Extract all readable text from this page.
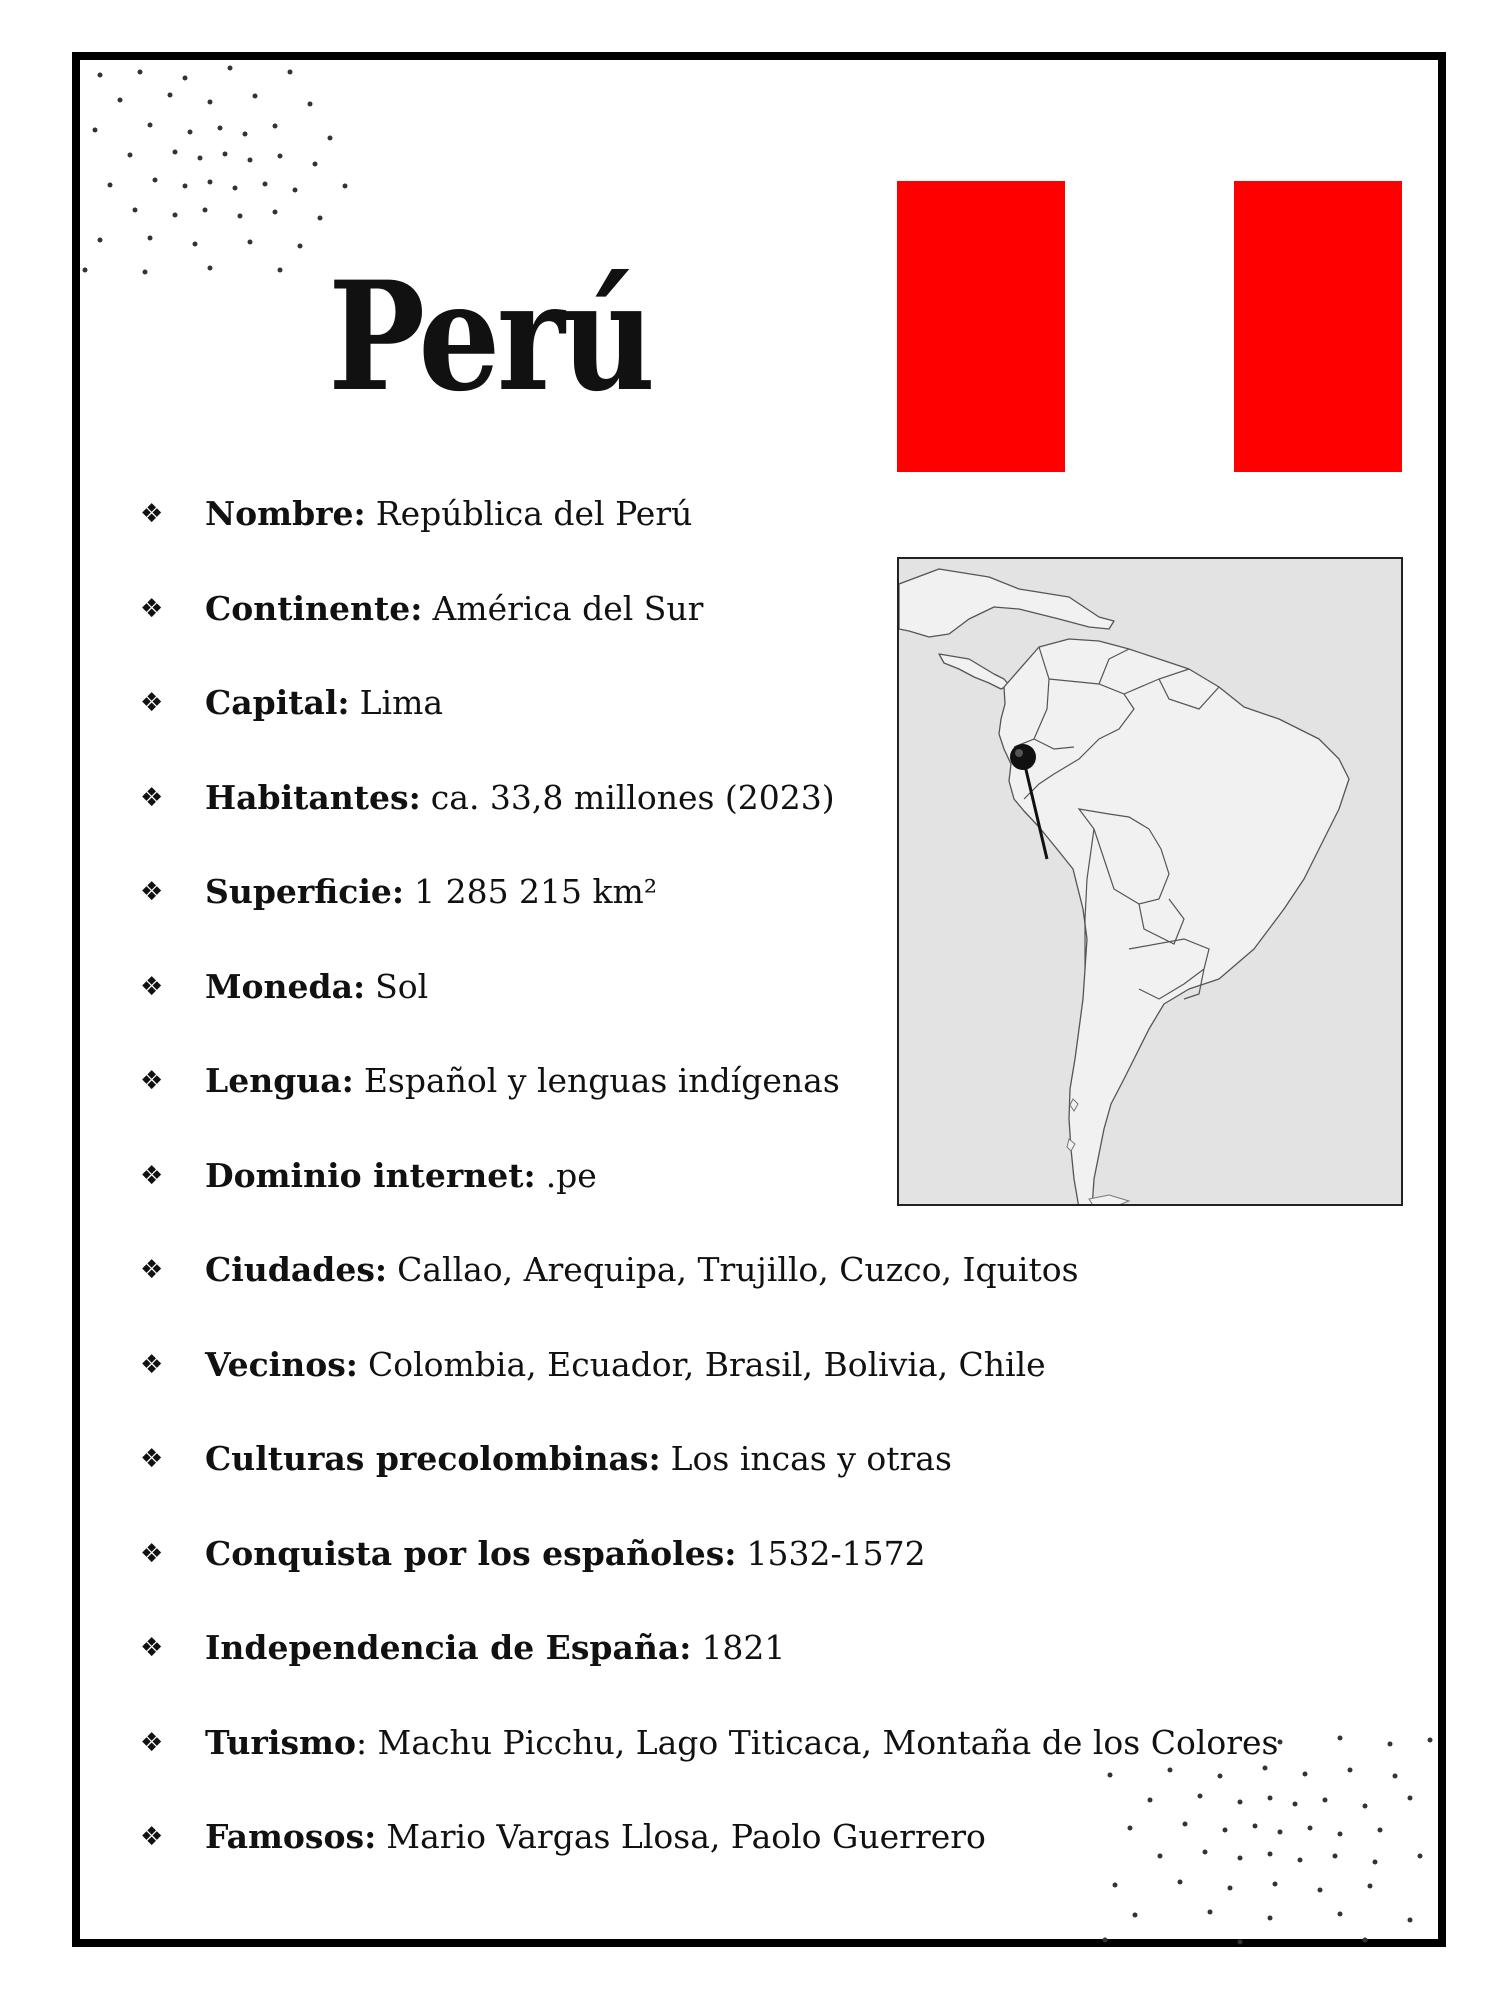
Perú
❖	Nombre: República del Perú
❖	Continente: América del Sur
❖	Capital: Lima
❖	Habitantes: ca. 33,8 millones (2023)
❖	Superficie: 1 285 215 km²
❖	Moneda: Sol
❖	Lengua: Español y lenguas indígenas
❖	Dominio internet: .pe
❖	Ciudades: Callao, Arequipa, Trujillo, Cuzco, Iquitos
❖	Vecinos: Colombia, Ecuador, Brasil, Bolivia, Chile
❖	Culturas precolombinas: Los incas y otras
❖	Conquista por los españoles: 1532-1572
❖	Independencia de España: 1821
❖	Turismo : Machu Picchu, Lago Titicaca, Montaña de los Colores
❖	Famosos: Mario Vargas Llosa, Paolo Guerrero
